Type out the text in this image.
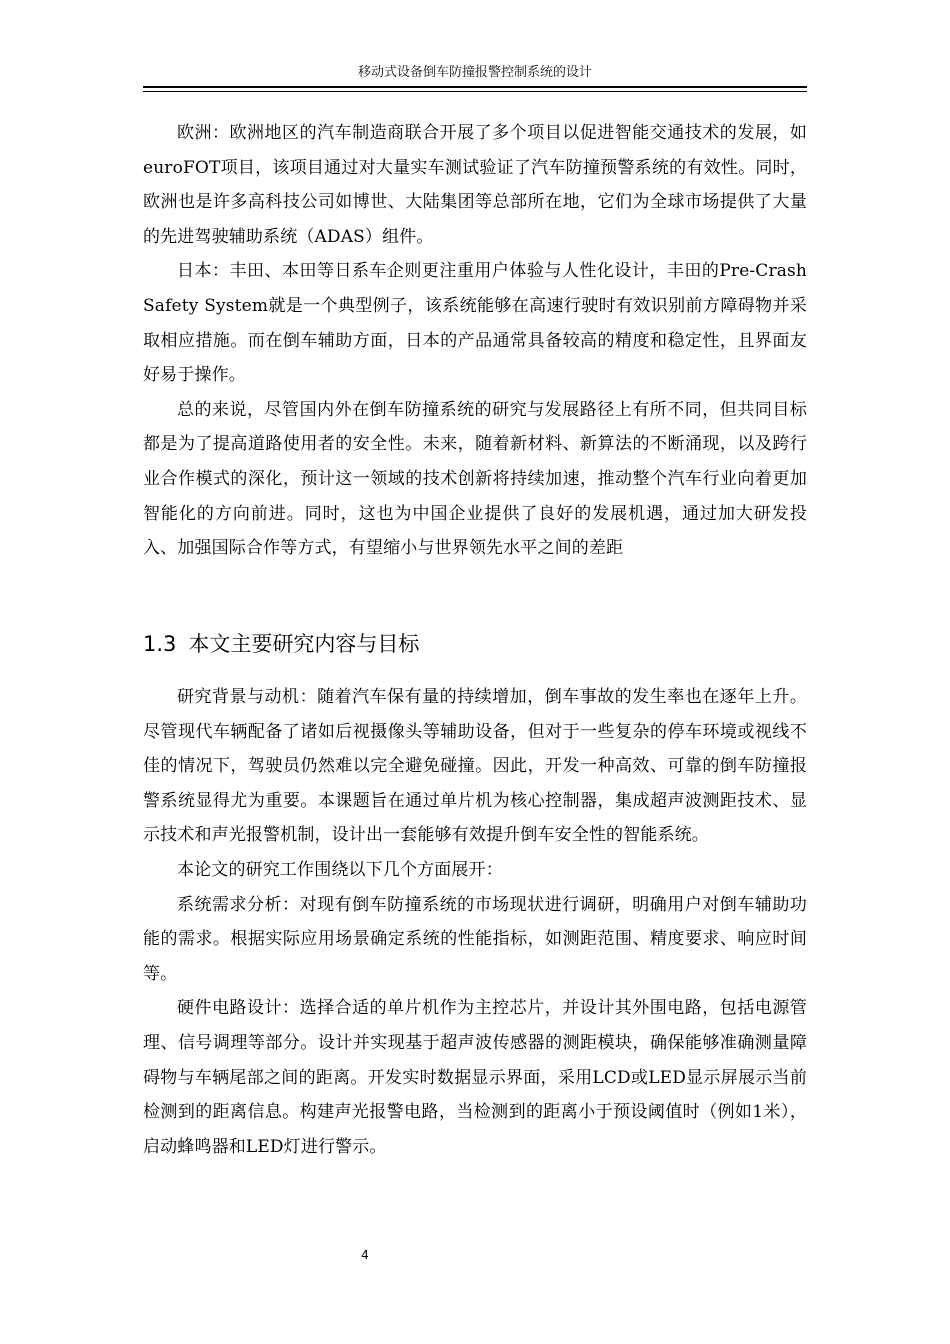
移动式设备倒车防撞报警控制系统的设计

欧洲：欧洲地区的汽车制造商联合开展了多个项目以促进智能交通技术的发展，如euroFOT项目，该项目通过对大量实车测试验证了汽车防撞预警系统的有效性。同时，欧洲也是许多高科技公司如博世、大陆集团等总部所在地，它们为全球市场提供了大量的先进驾驶辅助系统（ADAS）组件。

日本：丰田、本田等日系车企则更注重用户体验与人性化设计，丰田的Pre-Crash Safety System就是一个典型例子，该系统能够在高速行驶时有效识别前方障碍物并采取相应措施。而在倒车辅助方面，日本的产品通常具备较高的精度和稳定性，且界面友好易于操作。

总的来说，尽管国内外在倒车防撞系统的研究与发展路径上有所不同，但共同目标都是为了提高道路使用者的安全性。未来，随着新材料、新算法的不断涌现，以及跨行业合作模式的深化，预计这一领域的技术创新将持续加速，推动整个汽车行业向着更加智能化的方向前进。同时，这也为中国企业提供了良好的发展机遇，通过加大研发投入、加强国际合作等方式，有望缩小与世界领先水平之间的差距

1.3 本文主要研究内容与目标

研究背景与动机：随着汽车保有量的持续增加，倒车事故的发生率也在逐年上升。尽管现代车辆配备了诸如后视摄像头等辅助设备，但对于一些复杂的停车环境或视线不佳的情况下，驾驶员仍然难以完全避免碰撞。因此，开发一种高效、可靠的倒车防撞报警系统显得尤为重要。本课题旨在通过单片机为核心控制器，集成超声波测距技术、显示技术和声光报警机制，设计出一套能够有效提升倒车安全性的智能系统。

本论文的研究工作围绕以下几个方面展开：

系统需求分析：对现有倒车防撞系统的市场现状进行调研，明确用户对倒车辅助功能的需求。根据实际应用场景确定系统的性能指标，如测距范围、精度要求、响应时间等。

硬件电路设计：选择合适的单片机作为主控芯片，并设计其外围电路，包括电源管理、信号调理等部分。设计并实现基于超声波传感器的测距模块，确保能够准确测量障碍物与车辆尾部之间的距离。开发实时数据显示界面，采用LCD或LED显示屏展示当前检测到的距离信息。构建声光报警电路，当检测到的距离小于预设阈值时（例如1米），启动蜂鸣器和LED灯进行警示。

4
